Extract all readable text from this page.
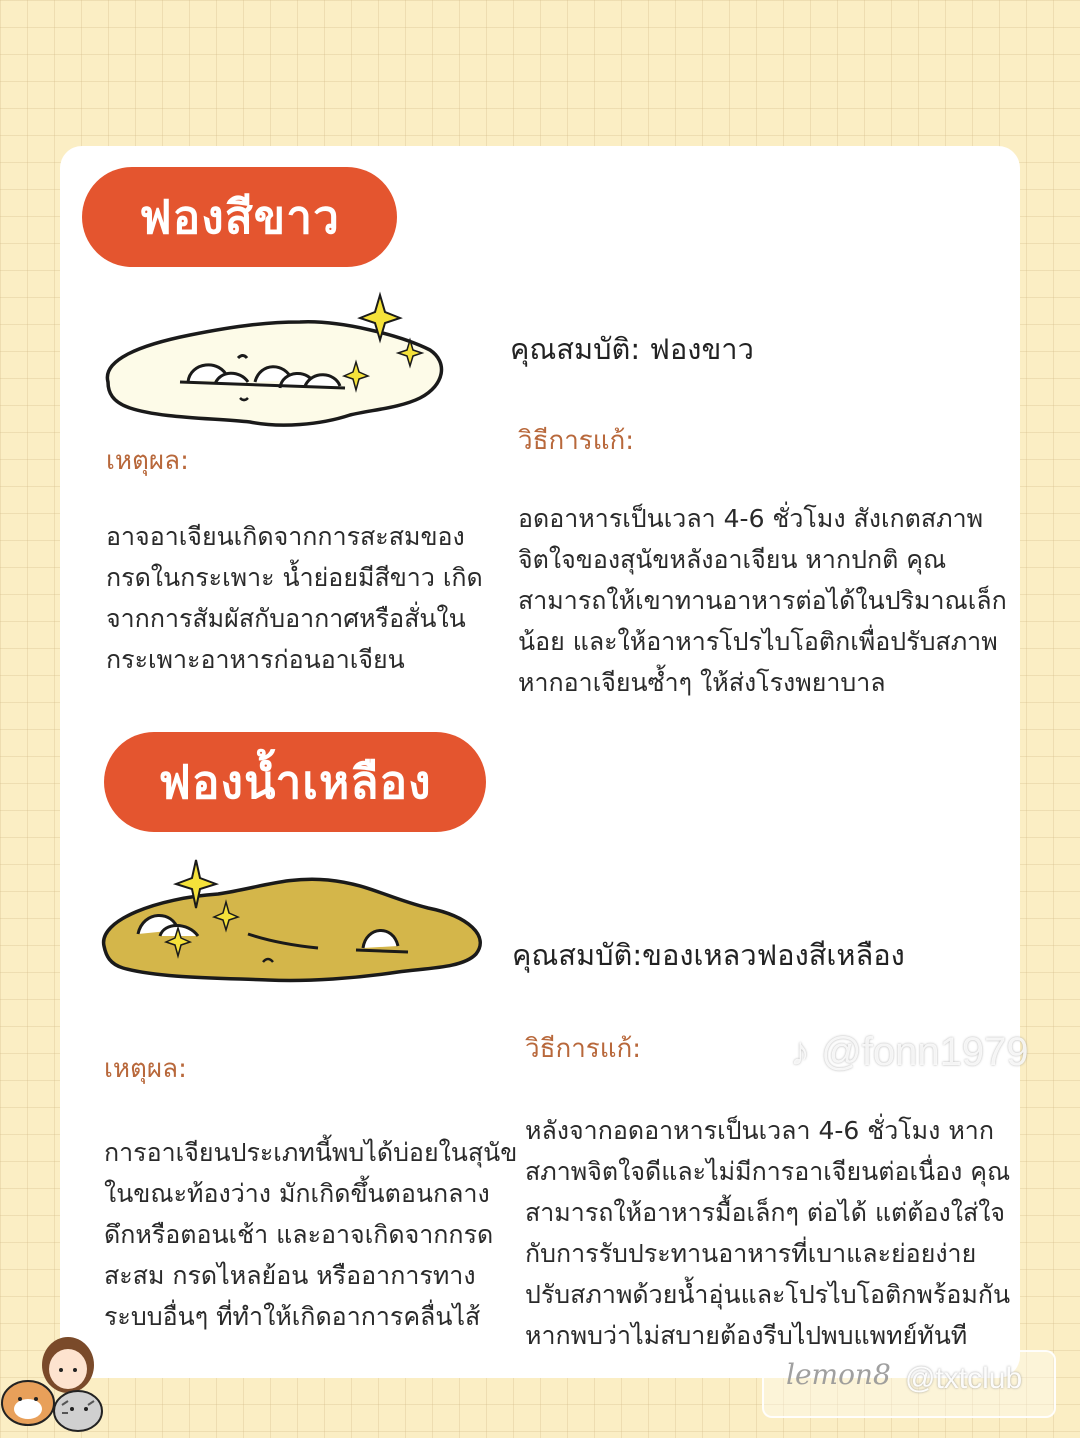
ฟองสีขาว
คุณสมบัติ: ฟองขาว
เหตุผล:
วิธีการแก้:
อาจอาเจียนเกิดจากการสะสมของ
กรดในกระเพาะ น้ำย่อยมีสีขาว เกิด
จากการสัมผัสกับอากาศหรือสั่นใน
กระเพาะอาหารก่อนอาเจียน
อดอาหารเป็นเวลา 4-6 ชั่วโมง สังเกตสภาพ
จิตใจของสุนัขหลังอาเจียน หากปกติ คุณ
สามารถให้เขาทานอาหารต่อได้ในปริมาณเล็ก
น้อย และให้อาหารโปรไบโอติกเพื่อปรับสภาพ
หากอาเจียนซ้ำๆ ให้ส่งโรงพยาบาล
ฟองน้ำเหลือง
คุณสมบัติ:ของเหลวฟองสีเหลือง
เหตุผล:
วิธีการแก้:
การอาเจียนประเภทนี้พบได้บ่อยในสุนัข
ในขณะท้องว่าง มักเกิดขึ้นตอนกลาง
ดึกหรือตอนเช้า และอาจเกิดจากกรด
สะสม กรดไหลย้อน หรืออาการทาง
ระบบอื่นๆ ที่ทำให้เกิดอาการคลื่นไส้
หลังจากอดอาหารเป็นเวลา 4-6 ชั่วโมง หาก
สภาพจิตใจดีและไม่มีการอาเจียนต่อเนื่อง คุณ
สามารถให้อาหารมื้อเล็กๆ ต่อได้ แต่ต้องใส่ใจ
กับการรับประทานอาหารที่เบาและย่อยง่าย
ปรับสภาพด้วยน้ำอุ่นและโปรไบโอติกพร้อมกัน
หากพบว่าไม่สบายต้องรีบไปพบแพทย์ทันที
♪ @fonn1979
lemon8 @txtclub
